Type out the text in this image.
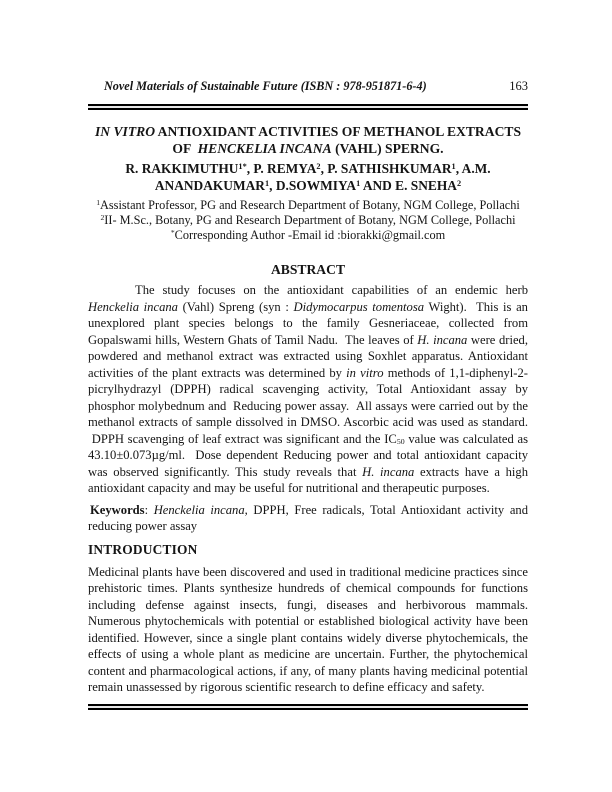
Novel Materials of Sustainable Future (ISBN : 978-951871-6-4)	163
IN VITRO ANTIOXIDANT ACTIVITIES OF METHANOL EXTRACTS
OF  HENCKELIA INCANA (VAHL) SPERNG.
R. $RAKKIMUTHU^{1*}$, P. REMYA$^2$, P. SATHISHKUMAR$^1$, A.M.
ANANDAKUMAR$^1$, D.SOWMIYA$^1$ AND E. SNEHA$^2$
$^1$Assistant Professor, PG and Research Department of Botany, NGM College, Pollachi
$^2$II- M.Sc., Botany, PG and Research Department of Botany, NGM College, Pollachi
*Corresponding Author -Email id :biorakki@gmail.com
ABSTRACT

The study focuses on the antioxidant capabilities of an endemic herb Henckelia incana (Vahl) Spreng (syn : Didymocarpus tomentosa Wight).  This is an unexplored plant species belongs to the family Gesneriaceae, collected from Gopalswami hills, Western Ghats of Tamil Nadu.  The leaves of H. incana were dried, powdered and methanol extract was extracted using Soxhlet apparatus. Antioxidant activities of the plant extracts was determined by in vitro methods of 1,1-diphenyl-2-picrylhydrazyl (DPPH) radical scavenging activity, Total Antioxidant assay by phosphor molybednum and  Reducing power assay.  All assays were carried out by the methanol extracts of sample dissolved in DMSO. Ascorbic acid was used as standard.  DPPH scavenging of leaf extract was significant and the IC50 value was calculated as 43.10±0.073µg/ml.  Dose dependent Reducing power and total antioxidant capacity was observed significantly. This study reveals that H. incana extracts have a high antioxidant capacity and may be useful for nutritional and therapeutic purposes.

Keywords: Henckelia incana, DPPH, Free radicals, Total Antioxidant activity and reducing power assay

INTRODUCTION

Medicinal plants have been discovered and used in traditional medicine practices since prehistoric times. Plants synthesize hundreds of chemical compounds for functions including defense against insects, fungi, diseases and herbivorous mammals. Numerous phytochemicals with potential or established biological activity have been identified. However, since a single plant contains widely diverse phytochemicals, the effects of using a whole plant as medicine are uncertain. Further, the phytochemical content and pharmacological actions, if any, of many plants having medicinal potential remain unassessed by rigorous scientific research to define efficacy and safety.
